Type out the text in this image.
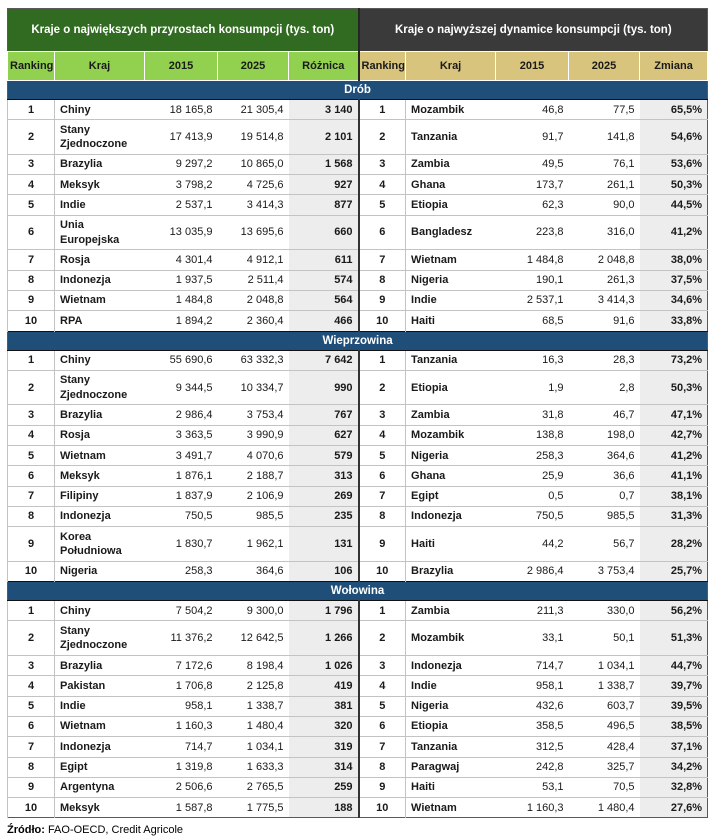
Kraje o największych przyrostach konsumpcji (tys. ton)					Kraje o najwyższej dynamice konsumpcji (tys. ton)				
Ranking	Kraj	2015	2025	Różnica	Ranking	Kraj	2015	2025	Zmiana
Drób									
1	Chiny	18 165,8	21 305,4	3 140	1	Mozambik	46,8	77,5	65,5%
2	Stany Zjednoczone	17 413,9	19 514,8	2 101	2	Tanzania	91,7	141,8	54,6%
3	Brazylia	9 297,2	10 865,0	1 568	3	Zambia	49,5	76,1	53,6%
4	Meksyk	3 798,2	4 725,6	927	4	Ghana	173,7	261,1	50,3%
5	Indie	2 537,1	3 414,3	877	5	Etiopia	62,3	90,0	44,5%
6	Unia Europejska	13 035,9	13 695,6	660	6	Bangladesz	223,8	316,0	41,2%
7	Rosja	4 301,4	4 912,1	611	7	Wietnam	1 484,8	2 048,8	38,0%
8	Indonezja	1 937,5	2 511,4	574	8	Nigeria	190,1	261,3	37,5%
9	Wietnam	1 484,8	2 048,8	564	9	Indie	2 537,1	3 414,3	34,6%
10	RPA	1 894,2	2 360,4	466	10	Haiti	68,5	91,6	33,8%
Wieprzowina									
1	Chiny	55 690,6	63 332,3	7 642	1	Tanzania	16,3	28,3	73,2%
2	Stany Zjednoczone	9 344,5	10 334,7	990	2	Etiopia	1,9	2,8	50,3%
3	Brazylia	2 986,4	3 753,4	767	3	Zambia	31,8	46,7	47,1%
4	Rosja	3 363,5	3 990,9	627	4	Mozambik	138,8	198,0	42,7%
5	Wietnam	3 491,7	4 070,6	579	5	Nigeria	258,3	364,6	41,2%
6	Meksyk	1 876,1	2 188,7	313	6	Ghana	25,9	36,6	41,1%
7	Filipiny	1 837,9	2 106,9	269	7	Egipt	0,5	0,7	38,1%
8	Indonezja	750,5	985,5	235	8	Indonezja	750,5	985,5	31,3%
9	Korea Południowa	1 830,7	1 962,1	131	9	Haiti	44,2	56,7	28,2%
10	Nigeria	258,3	364,6	106	10	Brazylia	2 986,4	3 753,4	25,7%
Wołowina									
1	Chiny	7 504,2	9 300,0	1 796	1	Zambia	211,3	330,0	56,2%
2	Stany Zjednoczone	11 376,2	12 642,5	1 266	2	Mozambik	33,1	50,1	51,3%
3	Brazylia	7 172,6	8 198,4	1 026	3	Indonezja	714,7	1 034,1	44,7%
4	Pakistan	1 706,8	2 125,8	419	4	Indie	958,1	1 338,7	39,7%
5	Indie	958,1	1 338,7	381	5	Nigeria	432,6	603,7	39,5%
6	Wietnam	1 160,3	1 480,4	320	6	Etiopia	358,5	496,5	38,5%
7	Indonezja	714,7	1 034,1	319	7	Tanzania	312,5	428,4	37,1%
8	Egipt	1 319,8	1 633,3	314	8	Paragwaj	242,8	325,7	34,2%
9	Argentyna	2 506,6	2 765,5	259	9	Haiti	53,1	70,5	32,8%
10	Meksyk	1 587,8	1 775,5	188	10	Wietnam	1 160,3	1 480,4	27,6%
Źródło: FAO-OECD, Credit Agricole
